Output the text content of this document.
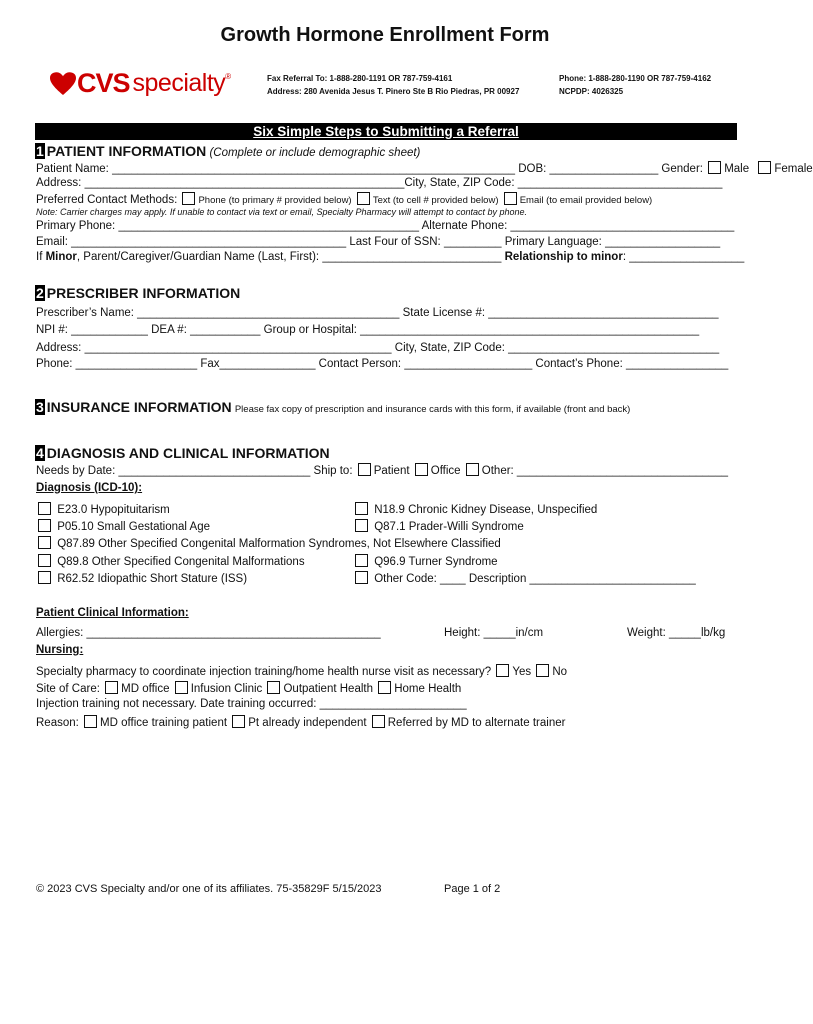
Growth Hormone Enrollment Form
CVS specialty®	Fax Referral To: 1-888-280-1191 OR 787-759-4161
Address: 280 Avenida Jesus T. Pinero Ste B Rio Piedras, PR 00927
Phone: 1-888-280-1190 OR 787-759-4162
NCPDP: 4026325
Six Simple Steps to Submitting a Referral
1 PATIENT INFORMATION (Complete or include demographic sheet)
Patient Name: _______________________________________________________________ DOB: _________________ Gender: Male Female
Address: __________________________________________________City, State, ZIP Code: ________________________________
Preferred Contact Methods: Phone (to primary # provided below) Text (to cell # provided below) Email (to email provided below)
Note: Carrier charges may apply. If unable to contact via text or email, Specialty Pharmacy will attempt to contact by phone.
Primary Phone: _______________________________________________ Alternate Phone: ___________________________________
Email: ___________________________________________ Last Four of SSN: _________ Primary Language: __________________
If Minor, Parent/Caregiver/Guardian Name (Last, First): ____________________________ Relationship to minor: __________________
2 PRESCRIBER INFORMATION
Prescriber’s Name: _________________________________________ State License #: ____________________________________
NPI #: ____________ DEA #: ___________ Group or Hospital: _____________________________________________________
Address: ________________________________________________ City, State, ZIP Code: _________________________________
Phone: ___________________ Fax_______________ Contact Person: ____________________ Contact’s Phone: ________________
3 INSURANCE INFORMATION Please fax copy of prescription and insurance cards with this form, if available (front and back)
4 DIAGNOSIS AND CLINICAL INFORMATION
Needs by Date: ______________________________ Ship to: Patient Office Other: _________________________________
Diagnosis (ICD-10):
E23.0 Hypopituitarism	N18.9 Chronic Kidney Disease, Unspecified
P05.10 Small Gestational Age	Q87.1 Prader-Willi Syndrome
Q87.89 Other Specified Congenital Malformation Syndromes, Not Elsewhere Classified
Q89.8 Other Specified Congenital Malformations	Q96.9 Turner Syndrome
R62.52 Idiopathic Short Stature (ISS)	Other Code: ____ Description __________________________
Patient Clinical Information:
Allergies: ______________________________________________	Height: _____in/cm	Weight: _____lb/kg
Nursing:
Specialty pharmacy to coordinate injection training/home health nurse visit as necessary? Yes No
Site of Care: MD office Infusion Clinic Outpatient Health Home Health
Injection training not necessary. Date training occurred: _______________________
Reason: MD office training patient Pt already independent Referred by MD to alternate trainer
© 2023 CVS Specialty and/or one of its affiliates. 75-35829F 5/15/2023	Page 1 of 2
